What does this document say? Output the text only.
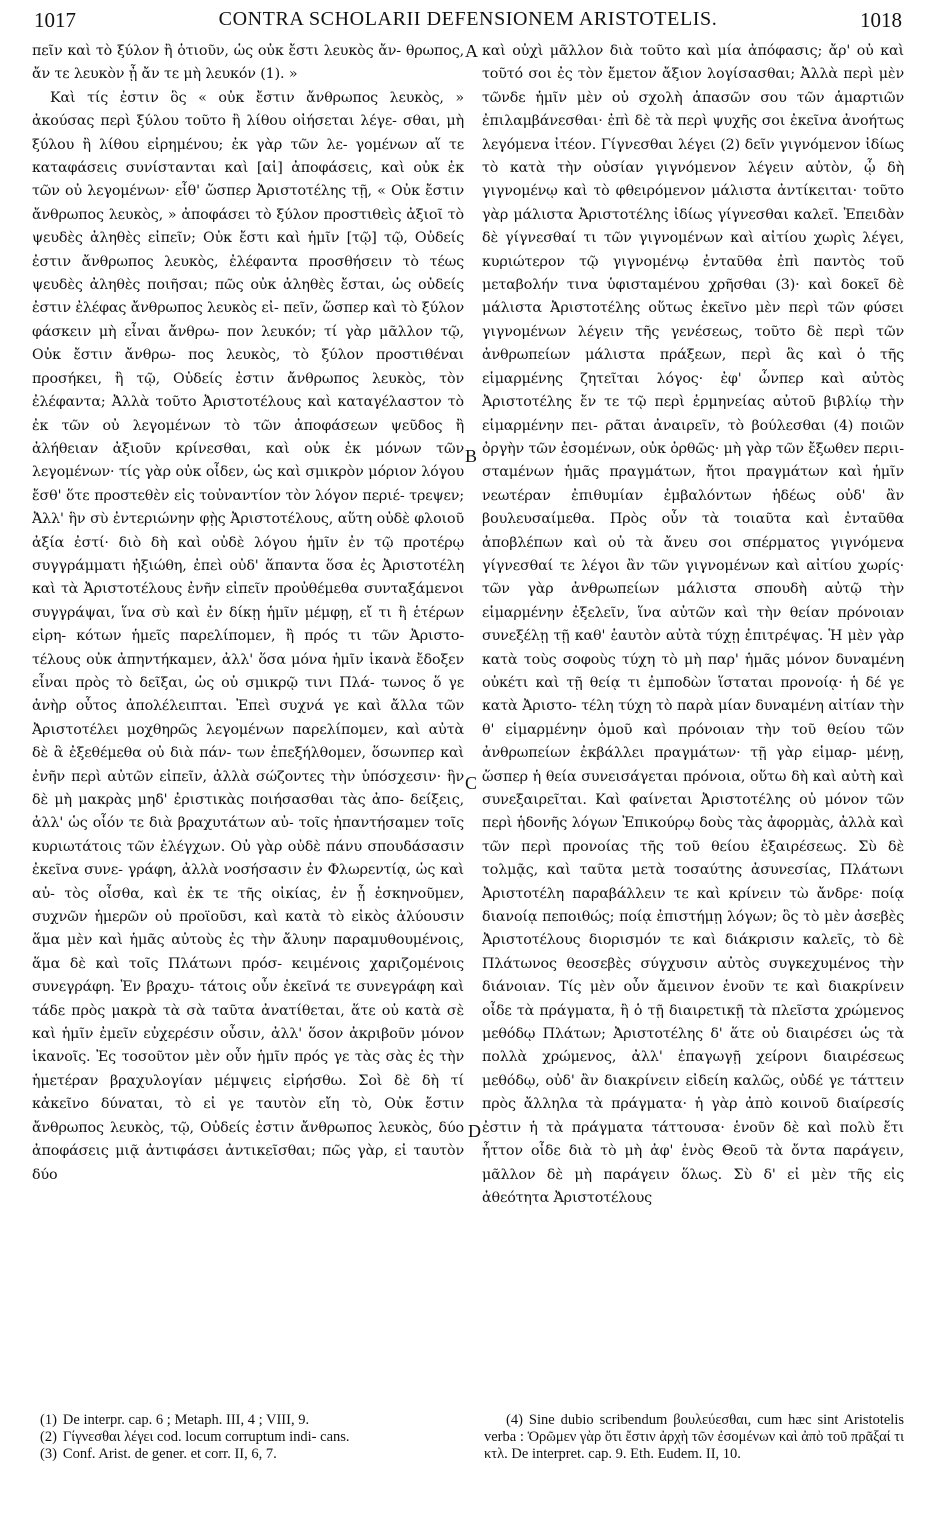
1017	CONTRA SCHOLARII DEFENSIONEM ARISTOTELIS.	1018

πεῖν καὶ τὸ ξύλον ἢ ὁτιοῦν, ὡς οὐκ ἔστι λευκὸς ἄν- θρωπος, ἄν τε λευκὸν ᾖ ἄν τε μὴ λευκόν (1). »

Καὶ τίς ἐστιν ὃς « οὐκ ἔστιν ἄνθρωπος λευκὸς, » ἀκούσας περὶ ξύλου τοῦτο ἢ λίθου οἰήσεται λέγε- σθαι, μὴ ξύλου ἢ λίθου εἰρημένου; ἐκ γὰρ τῶν λε- γομένων αἵ τε καταφάσεις συνίστανται καὶ [αἱ] ἀποφάσεις, καὶ οὐκ ἐκ τῶν οὐ λεγομένων· εἶθ' ὥσπερ Ἀριστοτέλης τῇ, « Οὐκ ἔστιν ἄνθρωπος λευκὸς, » ἀποφάσει τὸ ξύλον προστιθεὶς ἀξιοῖ τὸ ψευδὲς ἀληθὲς εἰπεῖν; Οὐκ ἔστι καὶ ἡμῖν [τῷ] τῷ, Οὐδείς ἐστιν ἄνθρωπος λευκὸς, ἐλέφαντα προσθήσειν τὸ τέως ψευδὲς ἀληθὲς ποιῆσαι; πῶς οὐκ ἀληθὲς ἔσται, ὡς οὐδείς ἐστιν ἐλέφας ἄνθρωπος λευκὸς εἰ- πεῖν, ὥσπερ καὶ τὸ ξύλον φάσκειν μὴ εἶναι ἄνθρω- πον λευκόν; τί γὰρ μᾶλλον τῷ, Οὐκ ἔστιν ἄνθρω- πος λευκὸς, τὸ ξύλον προστιθέναι προσήκει, ἢ τῷ, Οὐδείς ἐστιν ἄνθρωπος λευκὸς, τὸν ἐλέφαντα; Ἀλλὰ τοῦτο Ἀριστοτέλους καὶ καταγέλαστον τὸ ἐκ τῶν οὐ λεγομένων τὸ τῶν ἀποφάσεων ψεῦδος ἢ ἀλήθειαν ἀξιοῦν κρίνεσθαι, καὶ οὐκ ἐκ μόνων τῶν λεγομένων· τίς γὰρ οὐκ οἶδεν, ὡς καὶ σμικρὸν μόριον λόγου ἔσθ' ὅτε προστεθὲν εἰς τοὐναντίον τὸν λόγον περιέ- τρεψεν; Ἀλλ' ἣν σὺ ἐντεριώνην φῂς Ἀριστοτέλους, αὕτη οὐδὲ φλοιοῦ ἀξία ἐστί· διὸ δὴ καὶ οὐδὲ λόγου ἡμῖν ἐν τῷ προτέρῳ συγγράμματι ἠξιώθη, ἐπεὶ οὐδ' ἅπαντα ὅσα ἐς Ἀριστοτέλη καὶ τὰ Ἀριστοτέλους ἐνῆν εἰπεῖν προὐθέμεθα συνταξάμενοι συγγράψαι, ἵνα σὺ καὶ ἐν δίκῃ ἡμῖν μέμφῃ, εἴ τι ἢ ἑτέρων εἰρη- κότων ἡμεῖς παρελίπομεν, ἢ πρός τι τῶν Ἀριστο- τέλους οὐκ ἀπηντήκαμεν, ἀλλ' ὅσα μόνα ἡμῖν ἱκανὰ ἔδοξεν εἶναι πρὸς τὸ δεῖξαι, ὡς οὐ σμικρῷ τινι Πλά- τωνος ὅ γε ἀνὴρ οὗτος ἀπολέλειπται. Ἐπεὶ συχνά γε καὶ ἄλλα τῶν Ἀριστοτέλει μοχθηρῶς λεγομένων παρελίπομεν, καὶ αὐτὰ δὲ ἃ ἐξεθέμεθα οὐ διὰ πάν- των ἐπεξήλθομεν, ὅσωνπερ καὶ ἐνῆν περὶ αὐτῶν εἰπεῖν, ἀλλὰ σώζοντες τὴν ὑπόσχεσιν· ἣν δὲ μὴ μακρὰς μηδ' ἐριστικὰς ποιήσασθαι τὰς ἀπο- δείξεις, ἀλλ' ὡς οἷόν τε διὰ βραχυτάτων αὐ- τοῖς ἠπαντήσαμεν τοῖς κυριωτάτοις τῶν ἐλέγχων. Οὐ γὰρ οὐδὲ πάνυ σπουδάσασιν ἐκεῖνα συνε- γράφη, ἀλλὰ νοσήσασιν ἐν Φλωρεντίᾳ, ὡς καὶ αὐ- τὸς οἶσθα, καὶ ἐκ τε τῆς οἰκίας, ἐν ᾗ ἐσκηνοῦμεν, συχνῶν ἡμερῶν οὐ προϊοῦσι, καὶ κατὰ τὸ εἰκὸς ἀλύουσιν ἅμα μὲν καὶ ἡμᾶς αὐτοὺς ἐς τὴν ἄλυην παραμυθουμένοις, ἅμα δὲ καὶ τοῖς Πλάτωνι πρόσ- κειμένοις χαριζομένοις συνεγράφη. Ἐν βραχυ- τάτοις οὖν ἐκεῖνά τε συνεγράφη καὶ τάδε πρὸς μακρὰ τὰ σὰ ταῦτα ἀνατίθεται, ἅτε οὐ κατὰ σὲ καὶ ἡμῖν ἐμεῖν εὐχερέσιν οὖσιν, ἀλλ' ὅσον ἀκριβοῦν μόνον ἱκανοῖς. Ἐς τοσοῦτον μὲν οὖν ἡμῖν πρός γε τὰς σὰς ἐς τὴν ἡμετέραν βραχυλογίαν μέμψεις εἰρήσθω. Σοὶ δὲ δὴ τί κἀκεῖνο δύναται, τὸ εἰ γε ταυτὸν εἴη τὸ, Οὐκ ἔστιν ἄνθρωπος λευκὸς, τῷ, Οὐδείς ἐστιν ἄνθρωπος λευκὸς, δύο ἀποφάσεις μιᾷ ἀντιφάσει ἀντικεῖσθαι; πῶς γὰρ, εἰ ταυτὸν δύο

A
B
C
D

καὶ οὐχὶ μᾶλλον διὰ τοῦτο καὶ μία ἀπόφασις; ἄρ' οὐ καὶ τοῦτό σοι ἐς τὸν ἔμετον ἄξιον λογίσασθαι; Ἀλλὰ περὶ μὲν τῶνδε ἡμῖν μὲν οὐ σχολὴ ἁπασῶν σου τῶν ἁμαρτιῶν ἐπιλαμβάνεσθαι· ἐπὶ δὲ τὰ περὶ ψυχῆς σοι ἐκεῖνα ἀνοήτως λεγόμενα ἰτέον. Γίγνεσθαι λέγει (2) δεῖν γιγνόμενον ἰδίως τὸ κατὰ τὴν οὐσίαν γιγνόμενον λέγειν αὐτὸν, ᾧ δὴ γιγνομένῳ καὶ τὸ φθειρόμενον μάλιστα ἀντίκειται· τοῦτο γὰρ μάλιστα Ἀριστοτέλης ἰδίως γίγνεσθαι καλεῖ. Ἐπειδὰν δὲ γίγνεσθαί τι τῶν γιγνομένων καὶ αἰτίου χωρὶς λέγει, κυριώτερον τῷ γιγνομένῳ ἐνταῦθα ἐπὶ παντὸς τοῦ μεταβολήν τινα ὑφισταμένου χρῆσθαι (3)· καὶ δοκεῖ δὲ μάλιστα Ἀριστοτέλης οὕτως ἐκεῖνο μὲν περὶ τῶν φύσει γιγνομένων λέγειν τῆς γενέσεως, τοῦτο δὲ περὶ τῶν ἀνθρωπείων μάλιστα πράξεων, περὶ ἃς καὶ ὁ τῆς εἱμαρμένης ζητεῖται λόγος· ἐφ' ὧνπερ καὶ αὐτὸς Ἀριστοτέλης ἔν τε τῷ περὶ ἑρμηνείας αὐτοῦ βιβλίῳ τὴν εἱμαρμένην πει- ρᾶται ἀναιρεῖν, τὸ βούλεσθαι (4) ποιῶν ὀργὴν τῶν ἐσομένων, οὐκ ὀρθῶς· μὴ γὰρ τῶν ἔξωθεν περιι- σταμένων ἡμᾶς πραγμάτων, ἤτοι πραγμάτων καὶ ἡμῖν νεωτέραν ἐπιθυμίαν ἐμβαλόντων ἡδέως οὐδ' ἂν βουλευσαίμεθα. Πρὸς οὖν τὰ τοιαῦτα καὶ ἐνταῦθα ἀποβλέπων καὶ οὐ τὰ ἄνευ σοι σπέρματος γιγνόμενα γίγνεσθαί τε λέγοι ἂν τῶν γιγνομένων καὶ αἰτίου χωρίς· τῶν γὰρ ἀνθρωπείων μάλιστα σπουδὴ αὐτῷ τὴν εἱμαρμένην ἐξελεῖν, ἵνα αὐτῶν καὶ τὴν θείαν πρόνοιαν συνεξέλῃ τῇ καθ' ἑαυτὸν αὐτὰ τύχῃ ἐπιτρέψας. Ἡ μὲν γὰρ κατὰ τοὺς σοφοὺς τύχη τὸ μὴ παρ' ἡμᾶς μόνον δυναμένη οὐκέτι καὶ τῇ θείᾳ τι ἐμποδὼν ἵσταται προνοίᾳ· ἡ δέ γε κατὰ Ἀριστο- τέλη τύχη τὸ παρὰ μίαν δυναμένη αἰτίαν τὴν θ' εἱμαρμένην ὁμοῦ καὶ πρόνοιαν τὴν τοῦ θείου τῶν ἀνθρωπείων ἐκβάλλει πραγμάτων· τῇ γὰρ εἱμαρ- μένῃ, ὥσπερ ἡ θεία συνεισάγεται πρόνοια, οὕτω δὴ καὶ αὐτὴ καὶ συνεξαιρεῖται. Καὶ φαίνεται Ἀριστοτέλης οὐ μόνον τῶν περὶ ἡδονῆς λόγων Ἐπικούρῳ δοὺς τὰς ἀφορμὰς, ἀλλὰ καὶ τῶν περὶ προνοίας τῆς τοῦ θείου ἐξαιρέσεως. Σὺ δὲ τολμᾷς, καὶ ταῦτα μετὰ τοσαύτης ἀσυνεσίας, Πλάτωνι Ἀριστοτέλη παραβάλλειν τε καὶ κρίνειν τὼ ἄνδρε· ποίᾳ διανοίᾳ πεποιθώς; ποίᾳ ἐπιστήμῃ λόγων; ὃς τὸ μὲν ἀσεβὲς Ἀριστοτέλους διορισμόν τε καὶ διάκρισιν καλεῖς, τὸ δὲ Πλάτωνος θεοσεβὲς σύγχυσιν αὐτὸς συγκεχυμένος τὴν διάνοιαν. Τίς μὲν οὖν ἄμεινον ἑνοῦν τε καὶ διακρίνειν οἶδε τὰ πράγματα, ἢ ὁ τῇ διαιρετικῇ τὰ πλεῖστα χρώμενος μεθόδῳ Πλάτων; Ἀριστοτέλης δ' ἅτε οὐ διαιρέσει ὡς τὰ πολλὰ χρώμενος, ἀλλ' ἐπαγωγῇ χείρονι διαιρέσεως μεθόδῳ, οὐδ' ἂν διακρίνειν εἰδείη καλῶς, οὐδέ γε τάττειν πρὸς ἄλληλα τὰ πράγματα· ἡ γὰρ ἀπὸ κοινοῦ διαίρεσίς ἐστιν ἡ τὰ πράγματα τάττουσα· ἑνοῦν δὲ καὶ πολὺ ἔτι ἧττον οἶδε διὰ τὸ μὴ ἀφ' ἑνὸς Θεοῦ τὰ ὄντα παράγειν, μᾶλλον δὲ μὴ παράγειν ὅλως. Σὺ δ' εἰ μὲν τῆς εἰς ἀθεότητα Ἀριστοτέλους

(1) De interpr. cap. 6 ; Metaph. III, 4 ; VIII, 9.

(2) Γίγνεσθαι λέγει cod. locum corruptum indi- cans.

(3) Conf. Arist. de gener. et corr. II, 6, 7.

(4) Sine dubio scribendum βουλεύεσθαι, cum hæc sint Aristotelis verba : Ὁρῶμεν γὰρ ὅτι ἔστιν ἀρχὴ τῶν ἐσομένων καὶ ἀπὸ τοῦ πρᾶξαί τι κτλ. De interpret. cap. 9. Eth. Eudem. II, 10.
